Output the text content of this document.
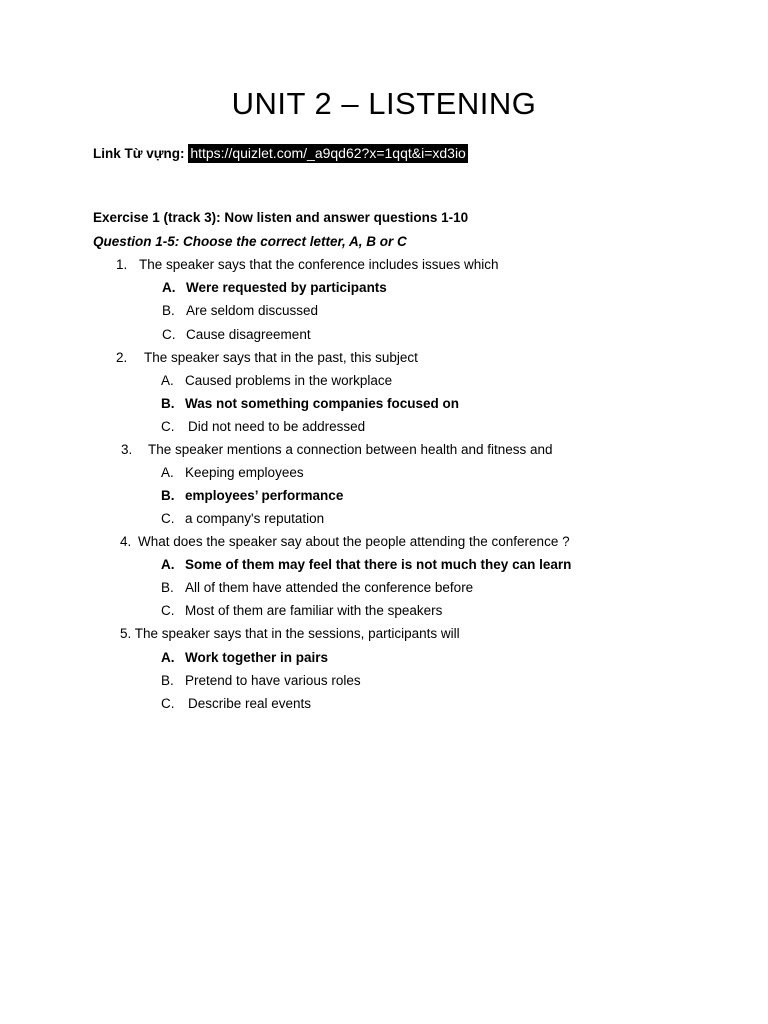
UNIT 2 – LISTENING
Link Từ vựng: https://quizlet.com/_a9qd62?x=1qqt&i=xd3io
Exercise 1 (track 3): Now listen and answer questions 1-10
Question 1-5: Choose the correct letter, A, B or C
1. The speaker says that the conference includes issues which
A. Were requested by participants
B. Are seldom discussed
C. Cause disagreement
2. The speaker says that in the past, this subject
A. Caused problems in the workplace
B. Was not something companies focused on
C. Did not need to be addressed
3. The speaker mentions a connection between health and fitness and
A. Keeping employees
B. employees’ performance
C. a company's reputation
4. What does the speaker say about the people attending the conference ?
A. Some of them may feel that there is not much they can learn
B. All of them have attended the conference before
C. Most of them are familiar with the speakers
5. The speaker says that in the sessions, participants will
A. Work together in pairs
B. Pretend to have various roles
C. Describe real events
